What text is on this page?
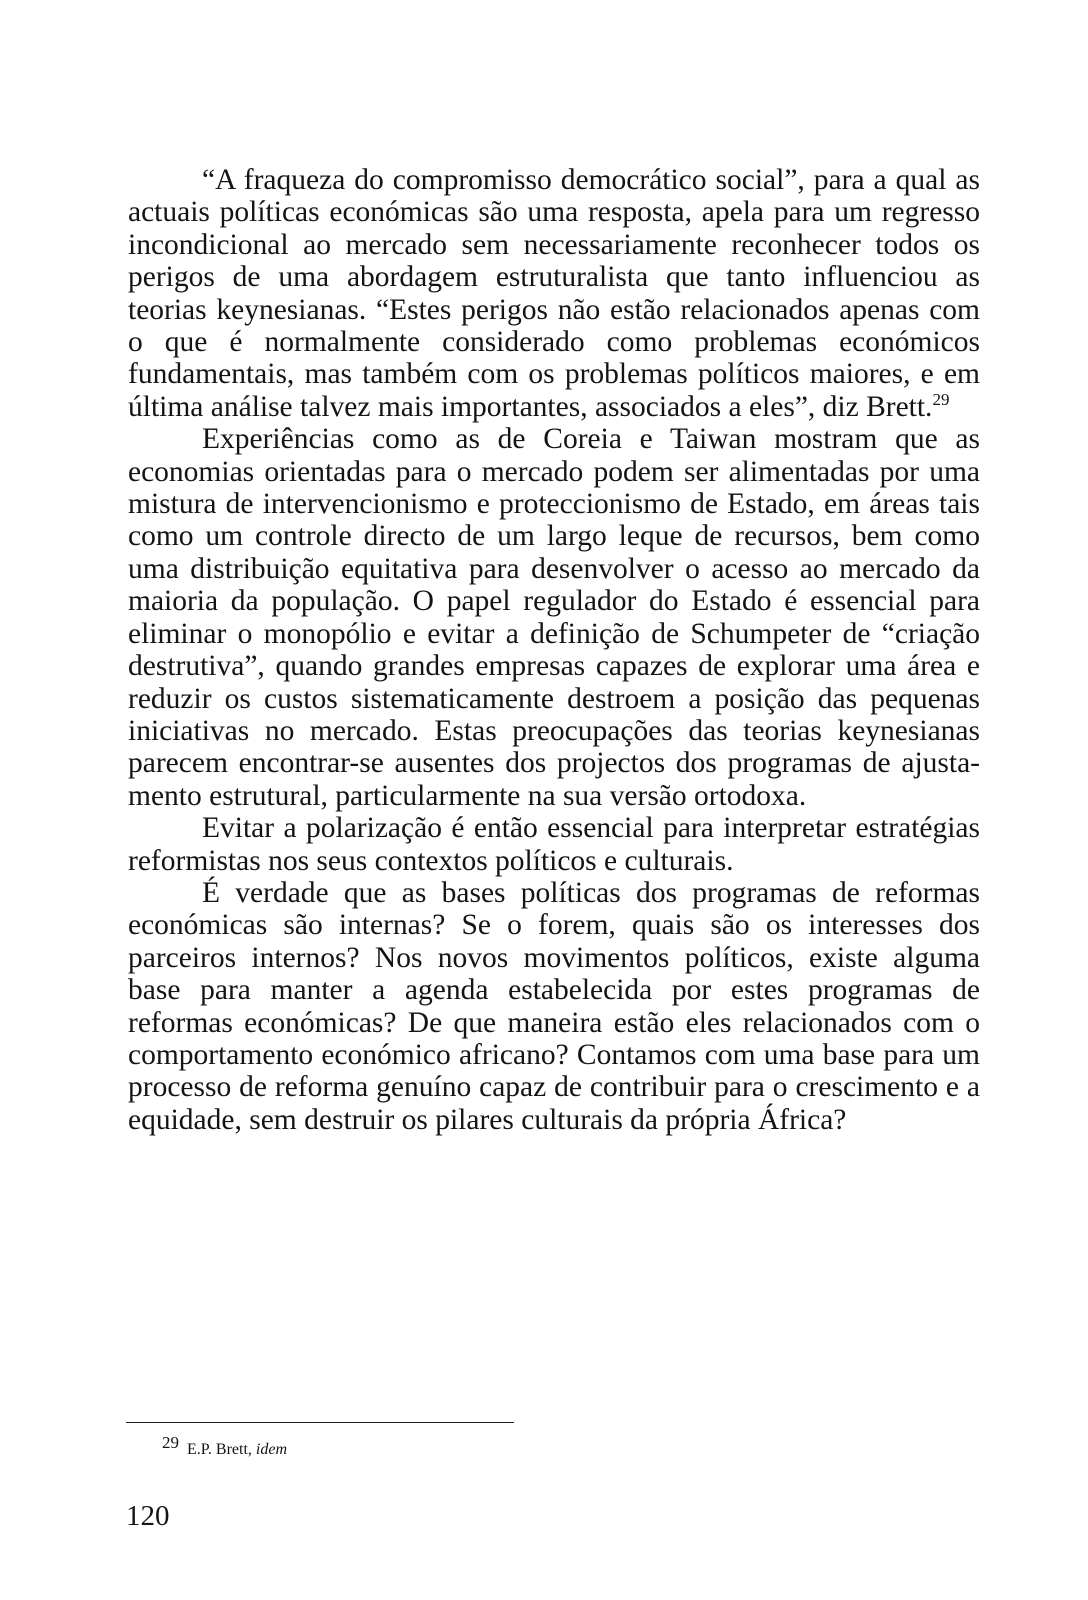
“A fraqueza do compromisso democrático social”, para a qual as actuais políticas económicas são uma resposta, apela para um regresso incondicional ao mercado sem necessariamente reconhecer todos os perigos de uma abordagem estruturalista que tanto influenciou as teorias keynesianas. “Estes perigos não estão relacionados apenas com o que é normalmente considerado como problemas económicos fundamentais, mas também com os problemas políticos maiores, e em última análise talvez mais importantes, associados a eles”, diz Brett.$^{29}$

Experiências como as de Coreia e Taiwan mostram que as economias orientadas para o mercado podem ser alimentadas por uma mistura de intervencionismo e proteccionismo de Estado, em áreas tais como um controle directo de um largo leque de recursos, bem como uma distribuição equitativa para desenvolver o acesso ao mercado da maioria da população. O papel regulador do Estado é essencial para eliminar o monopólio e evitar a definição de Schumpeter de “criação destrutiva”, quando grandes empresas capazes de explorar uma área e reduzir os custos sistematicamente destroem a posição das pequenas iniciativas no mercado. Estas preocupações das teorias keynesianas parecem encontrar-se ausentes dos projectos dos programas de ajustamento estrutural, particularmente na sua versão ortodoxa.

Evitar a polarização é então essencial para interpretar estratégias reformistas nos seus contextos políticos e culturais.

É verdade que as bases políticas dos programas de reformas económicas são internas? Se o forem, quais são os interesses dos parceiros internos? Nos novos movimentos políticos, existe alguma base para manter a agenda estabelecida por estes programas de reformas económicas? De que maneira estão eles relacionados com o comportamento económico africano? Contamos com uma base para um processo de reforma genuíno capaz de contribuir para o crescimento e a equidade, sem destruir os pilares culturais da própria África?

29 E.P. Brett, idem
120
